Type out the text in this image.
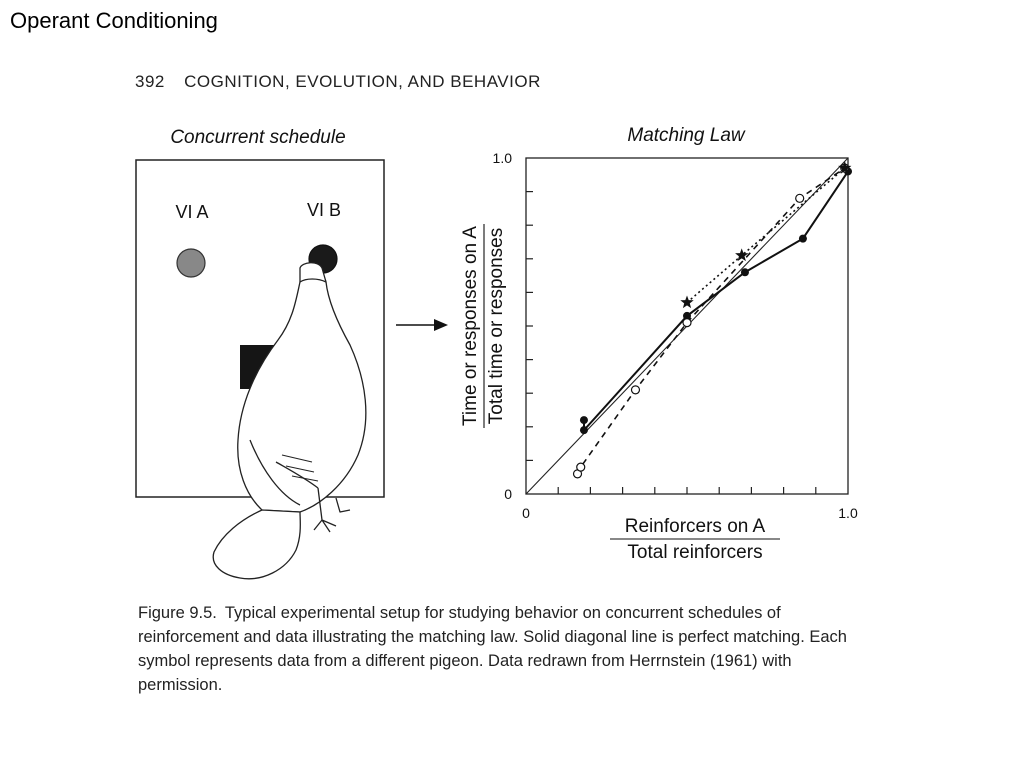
Operant Conditioning
392 COGNITION, EVOLUTION, AND BEHAVIOR
Concurrent schedule
VI A	VI B
Matching Law
0
1.0
0	1.0
Time or responses on A Total time or responses
Reinforcers on A
Total reinforcers
Figure 9.5. Typical experimental setup for studying behavior on concurrent schedules of reinforcement and data illustrating the matching law. Solid diagonal line is perfect matching. Each symbol represents data from a different pigeon. Data redrawn from Herrnstein (1961) with permission.
